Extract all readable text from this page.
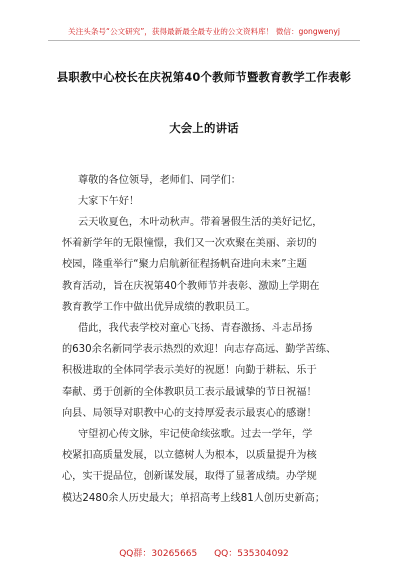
关注头条号“公文研究”，获得最新最全最专业的公文资料库！ 微信：gongwenyj
县职教中心校长在庆祝第40个教师节暨教育教学工作表彰
大会上的讲话
尊敬的各位领导，老师们、同学们：
大家下午好！
云天收夏色，木叶动秋声。带着暑假生活的美好记忆，
怀着新学年的无限憧憬，我们又一次欢聚在美丽、亲切的
校园，隆重举行“聚力启航新征程扬帆奋进向未来”主题
教育活动，旨在庆祝第40个教师节并表彰、激励上学期在
教育教学工作中做出优异成绩的教职员工。
借此，我代表学校对童心飞扬、青春激扬、斗志昂扬
的630余名新同学表示热烈的欢迎！向志存高远、勤学苦练、
积极进取的全体同学表示美好的祝愿！向勤于耕耘、乐于
奉献、勇于创新的全体教职员工表示最诚挚的节日祝福！
向县、局领导对职教中心的支持厚爱表示最衷心的感谢！
守望初心传文脉，牢记使命续弦歌。过去一学年，学
校紧扣高质量发展，以立德树人为根本，以质量提升为核
心，实干提品位，创新谋发展，取得了显著成绩。办学规
模达2480余人历史最大；单招高考上线81人创历史新高；
QQ群：30265665 QQ：535304092
